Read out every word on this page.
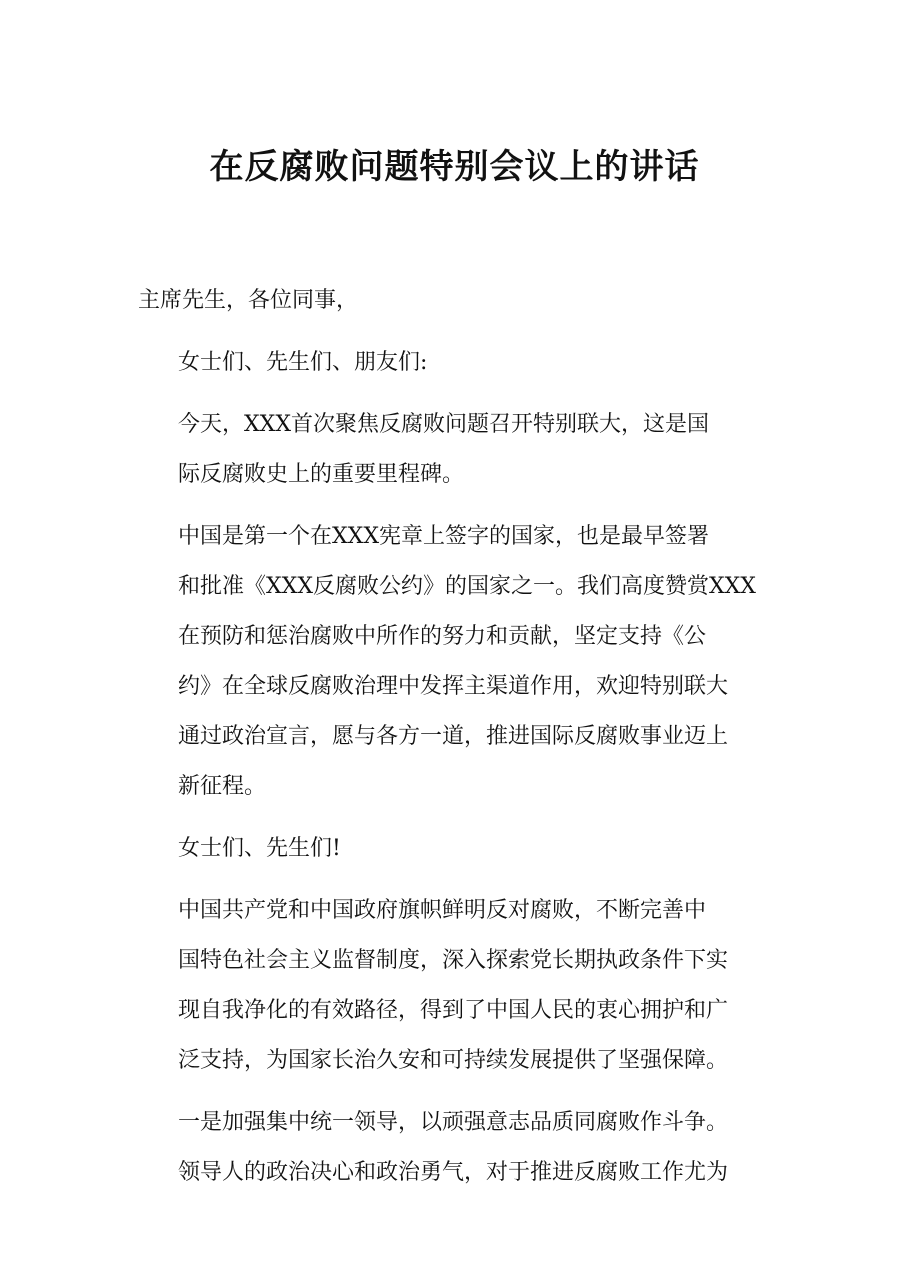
在反腐败问题特别会议上的讲话

主席先生，各位同事，

女士们、先生们、朋友们:

今天，XXX首次聚焦反腐败问题召开特别联大，这是国
际反腐败史上的重要里程碑。

中国是第一个在XXX宪章上签字的国家，也是最早签署
和批准《XXX反腐败公约》的国家之一。我们高度赞赏XXX
在预防和惩治腐败中所作的努力和贡献，坚定支持《公
约》在全球反腐败治理中发挥主渠道作用，欢迎特别联大
通过政治宣言，愿与各方一道，推进国际反腐败事业迈上
新征程。

女士们、先生们!

中国共产党和中国政府旗帜鲜明反对腐败，不断完善中
国特色社会主义监督制度，深入探索党长期执政条件下实
现自我净化的有效路径，得到了中国人民的衷心拥护和广
泛支持，为国家长治久安和可持续发展提供了坚强保障。

一是加强集中统一领导，以顽强意志品质同腐败作斗争。
领导人的政治决心和政治勇气，对于推进反腐败工作尤为
